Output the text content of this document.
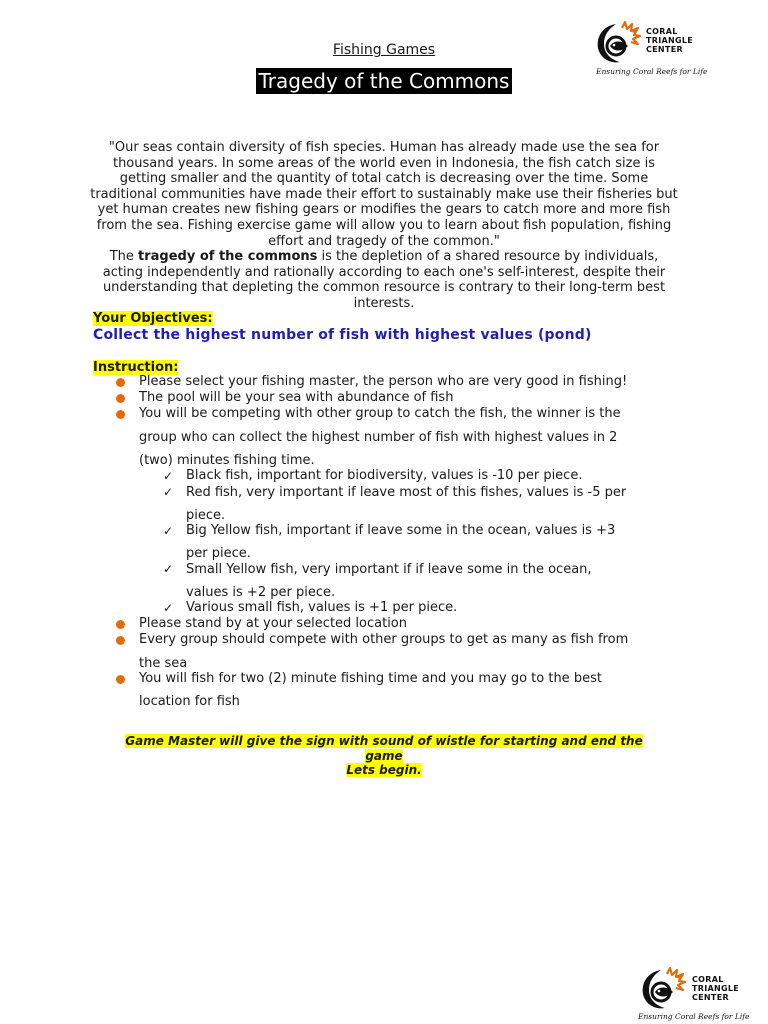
CORAL
TRIANGLE
CENTER
Ensuring Coral Reefs for Life
Fishing Games
Tragedy of the Commons
"Our seas contain diversity of fish species. Human has already made use the sea for thousand years. In some areas of the world even in Indonesia, the fish catch size is getting smaller and the quantity of total catch is decreasing over the time. Some traditional communities have made their effort to sustainably make use their fisheries but yet human creates new fishing gears or modifies the gears to catch more and more fish from the sea. Fishing exercise game will allow you to learn about fish population, fishing effort and tragedy of the common."
The tragedy of the commons is the depletion of a shared resource by individuals, acting independently and rationally according to each one's self-interest, despite their understanding that depleting the common resource is contrary to their long-term best interests.
Your Objectives:
Collect the highest number of fish with highest values (pond)
Instruction:
Please select your fishing master, the person who are very good in fishing!
The pool will be your sea with abundance of fish
You will be competing with other group to catch the fish, the winner is the
group who can collect the highest number of fish with highest values in 2
(two) minutes fishing time.
✓ Black fish, important for biodiversity, values is -10 per piece.
✓ Red fish, very important if leave most of this fishes, values is -5 per
piece.
✓ Big Yellow fish, important if leave some in the ocean, values is +3
per piece.
✓ Small Yellow fish, very important if if leave some in the ocean,
values is +2 per piece.
✓ Various small fish, values is +1 per piece.
Please stand by at your selected location
Every group should compete with other groups to get as many as fish from
the sea
You will fish for two (2) minute fishing time and you may go to the best
location for fish
Game Master will give the sign with sound of wistle for starting and end the
game
Lets begin.
CORAL
TRIANGLE
CENTER
Ensuring Coral Reefs for Life
